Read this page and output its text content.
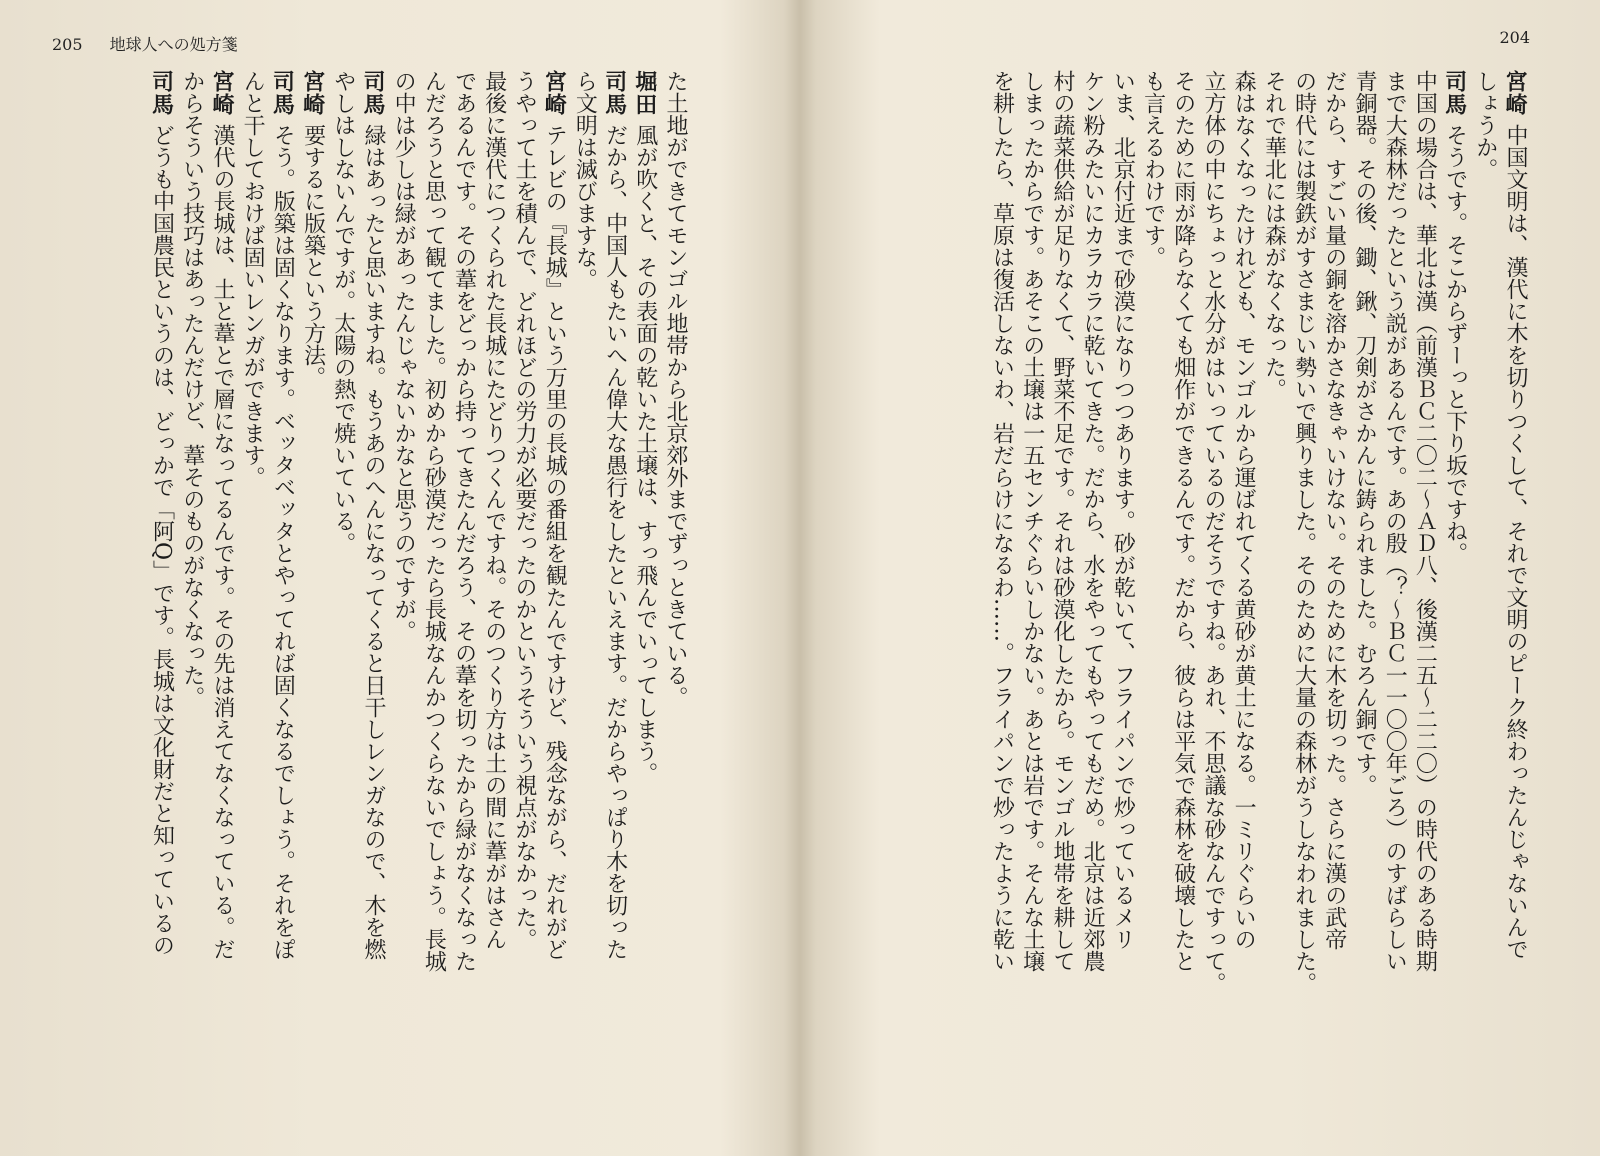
205 地球人への処方箋
た土地ができてモンゴル地帯から北京郊外までずっときている。
堀田風が吹くと、その表面の乾いた土壌は、すっ飛んでいってしまう。
司馬だから、中国人もたいへん偉大な愚行をしたといえます。だからやっぱり木を切った
ら文明は滅びますな。
宮崎テレビの『長城』という万里の長城の番組を観たんですけど、残念ながら、だれがど
うやって土を積んで、どれほどの労力が必要だったのかというそういう視点がなかった。
最後に漢代につくられた長城にたどりつくんですね。そのつくり方は土の間に葦がはさん
であるんです。その葦をどっから持ってきたんだろう、その葦を切ったから緑がなくなった
んだろうと思って観てました。初めから砂漠だったら長城なんかつくらないでしょう。長城
の中は少しは緑があったんじゃないかなと思うのですが。
司馬緑はあったと思いますね。もうあのへんになってくると日干しレンガなので、木を燃
やしはしないんですが。太陽の熱で焼いている。
宮崎要するに版築という方法。
司馬そう。版築は固くなります。ベッタベッタとやってれば固くなるでしょう。それをぽ
んと干しておけば固いレンガができます。
宮崎漢代の長城は、土と葦とで層になってるんです。その先は消えてなくなっている。だ
からそういう技巧はあったんだけど、葦そのものがなくなった。
司馬どうも中国農民というのは、どっかで「阿Q」です。長城は文化財だと知っているの
204
宮崎中国文明は、漢代に木を切りつくして、それで文明のピーク終わったんじゃないんで
しょうか。
司馬そうです。そこからずーっと下り坂ですね。
中国の場合は、華北は漢（前漢ＢＣ二〇二〜ＡＤ八、後漢二五〜二二〇）の時代のある時期
まで大森林だったという説があるんです。あの殷（？〜ＢＣ一一〇〇年ごろ）のすばらしい
青銅器。その後、鋤、鍬、刀剣がさかんに鋳られました。むろん銅です。
だから、すごい量の銅を溶かさなきゃいけない。そのために木を切った。さらに漢の武帝
の時代には製鉄がすさまじい勢いで興りました。そのために大量の森林がうしなわれました。
それで華北には森がなくなった。
森はなくなったけれども、モンゴルから運ばれてくる黄砂が黄土になる。一ミリぐらいの
立方体の中にちょっと水分がはいっているのだそうですね。あれ、不思議な砂なんですって。
そのために雨が降らなくても畑作ができるんです。だから、彼らは平気で森林を破壊したと
も言えるわけです。
いま、北京付近まで砂漠になりつつあります。砂が乾いて、フライパンで炒っているメリ
ケン粉みたいにカラカラに乾いてきた。だから、水をやってもやってもだめ。北京は近郊農
村の蔬菜供給が足りなくて、野菜不足です。それは砂漠化したから。モンゴル地帯を耕して
しまったからです。あそこの土壌は一五センチぐらいしかない。あとは岩です。そんな土壌
を耕したら、草原は復活しないわ、岩だらけになるわ……。フライパンで炒ったように乾い
